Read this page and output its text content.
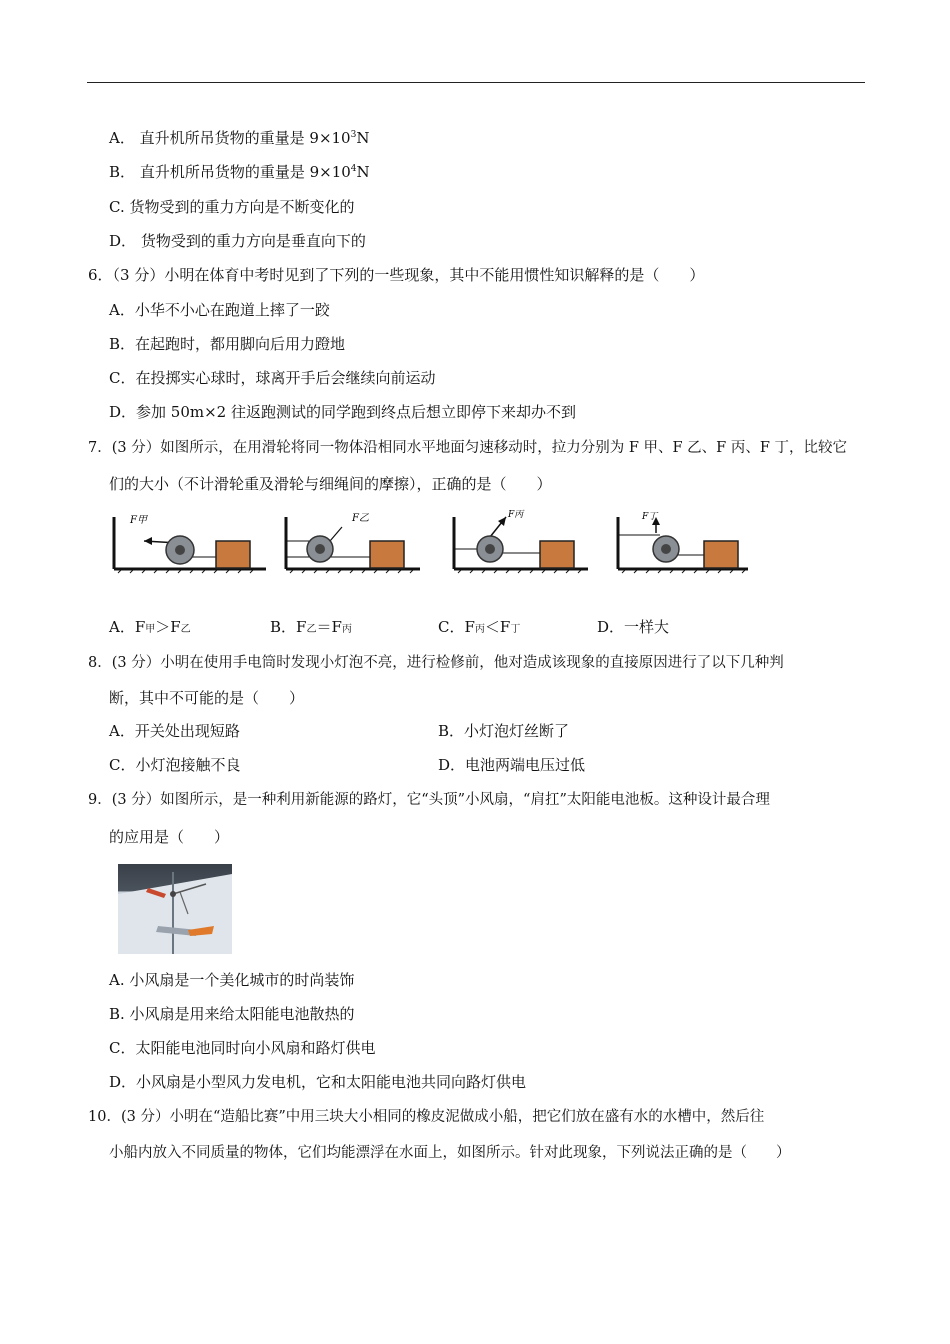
A． 直升机所吊货物的重量是 $9\times 10^3N$
B． 直升机所吊货物的重量是 $9\times 10^4N$
C. 货物受到的重力方向是不断变化的
D． 货物受到的重力方向是垂直向下的
6．（3 分）小明在体育中考时见到了下列的一些现象，其中不能用惯性知识解释的是（　　）
A．小华不小心在跑道上摔了一跤
B．在起跑时，都用脚向后用力蹬地
C．在投掷实心球时，球离开手后会继续向前运动
D．参加 50m×2 往返跑测试的同学跑到终点后想立即停下来却办不到
7．(3 分）如图所示，在用滑轮将同一物体沿相同水平地面匀速移动时，拉力分别为 F 甲、F 乙、F 丙、F 丁，比较它
们的大小（不计滑轮重及滑轮与细绳间的摩擦），正确的是（　　）
F甲	F乙	F丙	F丁
A．F甲＞F乙	B．F乙＝F丙	C．F丙＜F丁	D．一样大
8．(3 分）小明在使用手电筒时发现小灯泡不亮，进行检修前，他对造成该现象的直接原因进行了以下几种判
断，其中不可能的是（　　）
A．开关处出现短路	B．小灯泡灯丝断了
C．小灯泡接触不良	D．电池两端电压过低
9．(3 分）如图所示，是一种利用新能源的路灯，它“头顶”小风扇，“肩扛”太阳能电池板。这种设计最合理
的应用是（　　）
A. 小风扇是一个美化城市的时尚装饰
B. 小风扇是用来给太阳能电池散热的
C．太阳能电池同时向小风扇和路灯供电
D．小风扇是小型风力发电机，它和太阳能电池共同向路灯供电
10．(3 分）小明在“造船比赛”中用三块大小相同的橡皮泥做成小船，把它们放在盛有水的水槽中，然后往
小船内放入不同质量的物体，它们均能漂浮在水面上，如图所示。针对此现象，下列说法正确的是（　　）
